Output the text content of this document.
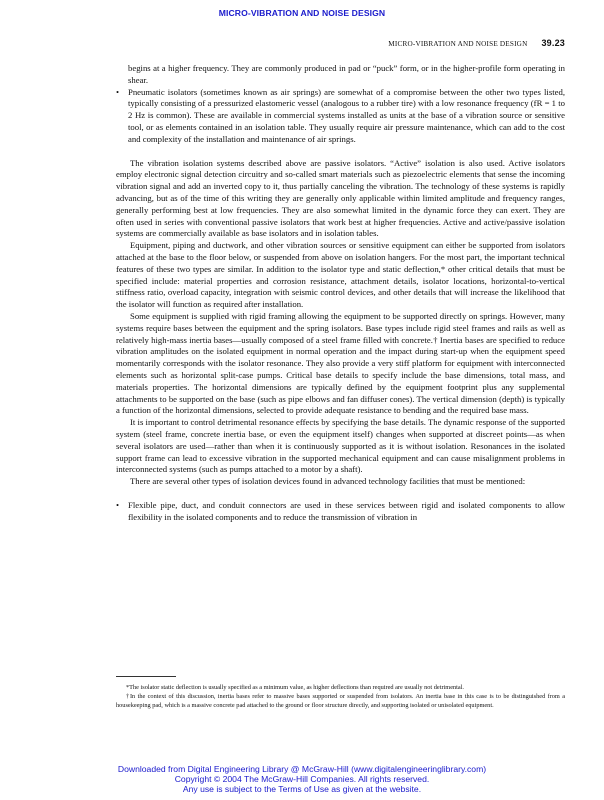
MICRO-VIBRATION AND NOISE DESIGN
MICRO-VIBRATION AND NOISE DESIGN 39.23

begins at a higher frequency. They are commonly produced in pad or “puck” form, or in the higher-profile form operating in shear.

• Pneumatic isolators (sometimes known as air springs) are somewhat of a compromise between the other two types listed, typically consisting of a pressurized elastomeric vessel (analogous to a rubber tire) with a low resonance frequency (fR = 1 to 2 Hz is common). These are available in commercial systems installed as units at the base of a vibration source or sensitive tool, or as elements contained in an isolation table. They usually require air pressure maintenance, which can add to the cost and complexity of the installation and maintenance of air springs.

The vibration isolation systems described above are passive isolators. “Active” isolation is also used. Active isolators employ electronic signal detection circuitry and so-called smart materials such as piezoelectric elements that sense the incoming vibration signal and add an inverted copy to it, thus partially canceling the vibration. The technology of these systems is rapidly advancing, but as of the time of this writing they are generally only applicable within limited amplitude and frequency ranges, generally performing best at low frequencies. They are also somewhat limited in the dynamic force they can exert. They are often used in series with conventional passive isolators that work best at higher frequencies. Active and active/passive isolation systems are commercially available as base isolators and in isolation tables.

Equipment, piping and ductwork, and other vibration sources or sensitive equipment can either be supported from isolators attached at the base to the floor below, or suspended from above on isolation hangers. For the most part, the important technical features of these two types are similar. In addition to the isolator type and static deflection,* other critical details that must be specified include: material properties and corrosion resistance, attachment details, isolator locations, horizontal-to-vertical stiffness ratio, overload capacity, integration with seismic control devices, and other details that will increase the likelihood that the isolator will function as required after installation.

Some equipment is supplied with rigid framing allowing the equipment to be supported directly on springs. However, many systems require bases between the equipment and the spring isolators. Base types include rigid steel frames and rails as well as relatively high-mass inertia bases—usually composed of a steel frame filled with concrete.† Inertia bases are specified to reduce vibration amplitudes on the isolated equipment in normal operation and the impact during start-up when the equipment speed momentarily corresponds with the isolator resonance. They also provide a very stiff platform for equipment with interconnected elements such as horizontal split-case pumps. Critical base details to specify include the base dimensions, total mass, and materials properties. The horizontal dimensions are typically defined by the equipment footprint plus any supplemental attachments to be supported on the base (such as pipe elbows and fan diffuser cones). The vertical dimension (depth) is typically a function of the horizontal dimensions, selected to provide adequate resistance to bending and the required base mass.

It is important to control detrimental resonance effects by specifying the base details. The dynamic response of the supported system (steel frame, concrete inertia base, or even the equipment itself) changes when supported at discreet points—as when several isolators are used—rather than when it is continuously supported as it is without isolation. Resonances in the isolated support frame can lead to excessive vibration in the supported mechanical equipment and can cause misalignment problems in interconnected systems (such as pumps attached to a motor by a shaft).

There are several other types of isolation devices found in advanced technology facilities that must be mentioned:

• Flexible pipe, duct, and conduit connectors are used in these services between rigid and isolated components to allow flexibility in the isolated components and to reduce the transmission of vibration in

*The isolator static deflection is usually specified as a minimum value, as higher deflections than required are usually not detrimental.

†In the context of this discussion, inertia bases refer to massive bases supported or suspended from isolators. An inertia base in this case is to be distinguished from a housekeeping pad, which is a massive concrete pad attached to the ground or floor structure directly, and supporting isolated or unisolated equipment.

Downloaded from Digital Engineering Library @ McGraw-Hill (www.digitalengineeringlibrary.com)
Copyright © 2004 The McGraw-Hill Companies. All rights reserved.
Any use is subject to the Terms of Use as given at the website.
